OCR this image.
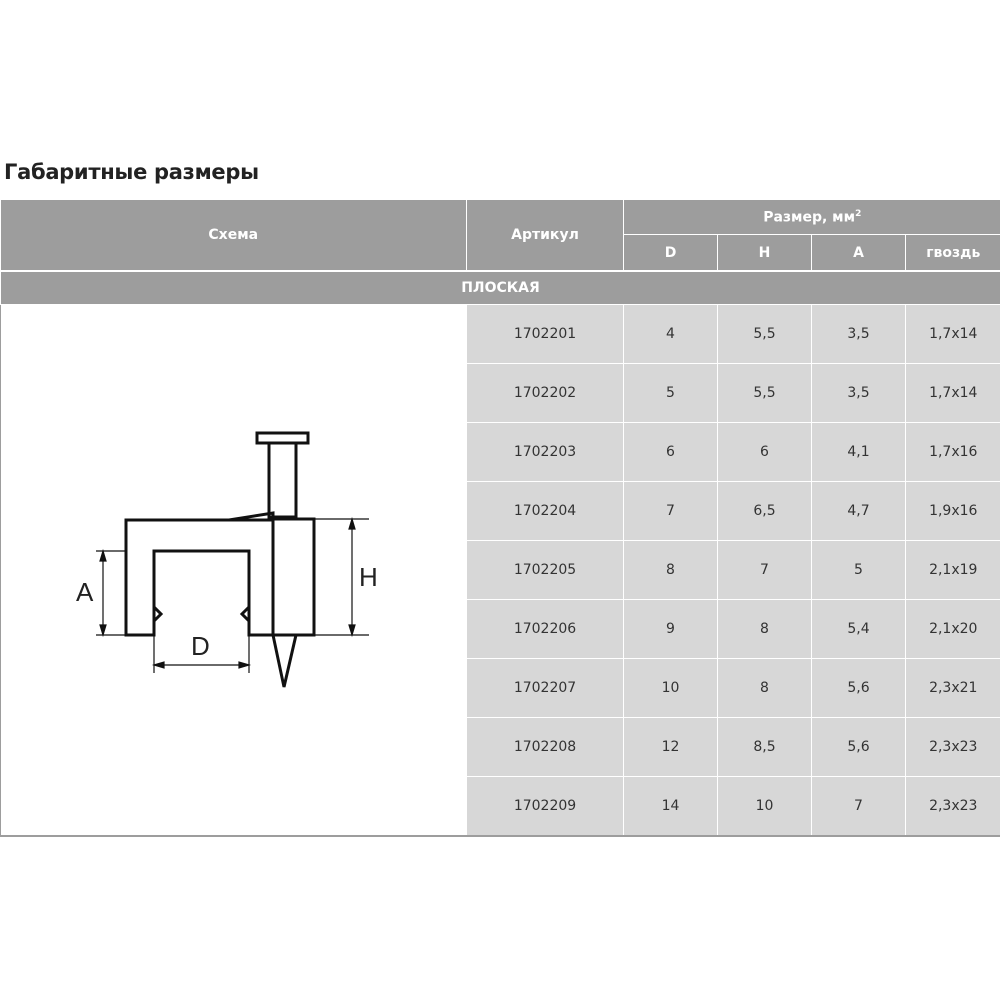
Габаритные размеры
Схема	Артикул	Размер, $мм^2$
		D	H	A	гвоздь
ПЛОСКАЯ					

A
D
H	1702201	4	5,5	3,5	1,7x14
	1702202	5	5,5	3,5	1,7x14
	1702203	6	6	4,1	1,7x16
	1702204	7	6,5	4,7	1,9x16
	1702205	8	7	5	2,1x19
	1702206	9	8	5,4	2,1x20
	1702207	10	8	5,6	2,3x21
	1702208	12	8,5	5,6	2,3x23
	1702209	14	10	7	2,3x23
